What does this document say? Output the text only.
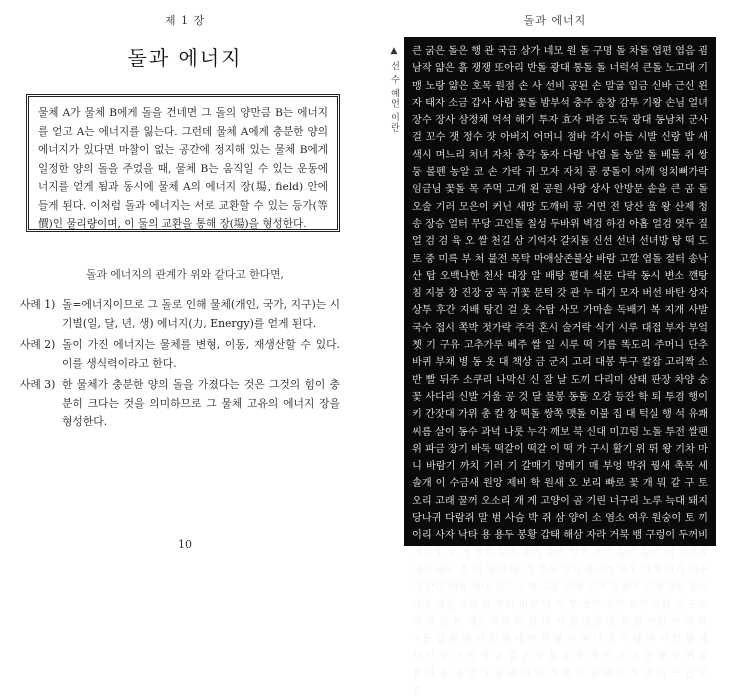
제 1 장
돌과 에너지

물체 A가 물체 B에게 돌을 건네면 그 돌의 양만큼 B는 에너지를 얻고 A는 에너지를 잃는다. 그런데 물체 A에게 충분한 양의 에너지가 있다면 마찰이 없는 공간에 정지해 있는 물체 B에게 일정한 양의 돌을 주었을 때, 물체 B는 움직일 수 있는 운동에너지를 얻게 됨과 동시에 물체 A의 에너지 장(場, field) 안에 들게 된다. 이처럼 돌과 에너지는 서로 교환할 수 있는 등가(等價)인 물리량이며, 이 둘의 교환을 통해 장(場)을 형성한다.

돌과 에너지의 관계가 위와 같다고 한다면,
사례 1) 돌=에너지이므로 그 돌로 인해 물체(개인, 국가, 지구)는 시기별(일, 달, 년, 생) 에너지(力, Energy)를 얻게 된다.
사례 2) 돌이 가진 에너지는 물체를 변형, 이동, 재생산할 수 있다. 이를 생식력이라고 한다.
사례 3) 한 물체가 충분한 양의 돌을 가졌다는 것은 그것의 힘이 충분히 크다는 것을 의미하므로 그 물체 고유의 에너지 장을 형성한다.
10
돌과 에너지
▲ 선 수 예언 이란 큰 굵은 돌은 행 관 국금 삼가 네모 원 돌 구명 돌 차돌 엽편 엽음 굄 남작 얇은 흙 쟁쟁 또아리 반돌 광대 통돌 돌 너럭석 큰돌 노고대 기맹 노랑 얇은 호목 원점 손 사 선비 공된 손 말굽 입금 신바 근신 왼자 태자 소금 갑사 사람 꽃돌 밤부석 충주 송창 감투 기왕 손님 얼녀 장수 장사 삼정채 억석 해기 투자 효자 퍼즘 도둑 광대 동남처 군사 걸 꼬수 잿 정수 잣 아버지 어머니 점바 각시 아들 시발 신랑 밥 새 색시 며느리 처녀 자차 총각 동자 다람 낙엽 돌 농알 돌 베틀 쥐 쌍둥 볼펜 농알 코 손 가락 귀 모자 자치 콩 쿵돌이 어깨 엉치뼈가락 임금님 꽃돌 목 주먹 고개 왼 공원 사랑 상사 안방문 솥을 큰 곰 돌 오술 기러 모은이 커닌 새망 도깨비 콩 거면 전 당산 울 왕 산제 청송 장승 얼터 무당 고인돌 칠성 두바위 벽검 하검 아홉 얼검 엿두 질 얼 검 검 육 오 쌀 천길 삼 기억자 갈치돌 신선 선녀 선녀방 탕 떡 도토 중 미륵 부 처 불전 목탁 마애삼존불상 바람 고깔 엽돌 절터 송낙 산 탑 오백나한 천사 대장 알 배탕 펼대 석문 다락 동시 변소 깬탕 침 지붕 창 진장 궁 꼭 귀꽃 문턱 갓 관 누 대기 모자 버선 바탄 상자 상투 후간 지배 탕긴 걸 옷 수탑 사모 가마솥 독배기 복 지개 사발 국수 접시 쪽박 젓가락 주걱 혼시 술거락 식기 시루 대접 부자 부엌 쳇 기 구유 고추가루 베주 쌀 일 시루 떡 기름 똑도리 주머니 단추 바퀴 부채 병 동 옷 대 책상 금 군지 고리 대봉 투구 칼잡 고리짝 소반 빨 뒤주 소쿠리 나막신 신 잘 날 도끼 다리미 삼태 판장 차양 숭꽃 사다리 신발 거울 공 것 달 물봉 동돌 오강 등잔 학 퇴 투겸 행이 키 간잣대 가위 총 칼 창 떡돌 쌍쪽 맷돌 이불 집 대 턱실 행 석 유쾌 씨름 살이 동수 과녁 나룻 누각 깨보 북 신대 미끄럼 노돌 투전 쌀팬 위 파금 장기 바둑 떡갈이 떡갈 이 떡 가 구시 활기 위 뛰 왕 기차 마니 바람기 까치 기러 기 갈매기 멍메기 매 부엉 박쥐 꿩새 촉목 세 솔개 이 수금새 원앙 제비 학 원새 오 보리 빠로 꽃 개 뭐 같 구 토 오리 고래 꿀꺼 오소리 개 게 고양이 곰 기린 너구리 노루 늑대 돼지 당나귀 다람쥐 말 범 사슴 박 쥐 삼 양이 소 염소 여우 원숭이 토 끼 이리 사자 낙타 용 용두 봉황 갑태 해삼 자라 거북 뱀 구렁이 두꺼비 개구리 상 어 멸치 도미 새끼 숭어 잉어 조기 농어 농어 배 가오리 대구 꿩두 용 이 장어 메 기 붕어 잉어 물고기 새우 가재 거미 메뚜기 반대 벼룩 지네 진드기 벌 고둥 꼬막 조라 오징어 조개 전복 문어 낙지 엽전 보리 등 무리 버섯 떡 떡 무 호박 수박 오란 목화 잣 도토리 대 탑 논 해조 파래 떡 인 라 자 붓 밤콩 공 쏟 등 바람 바 바 락 구름 탑 월 점 쉬 등 외 메 아 리 동 덕 퍼 단 귀 이 활 역 이 인 왕 재 사 단 광 군 독 목 궁 걸 손 잠 볼 솥 솥 정 사 표 조 총 동 돌 퀴 덮 흥 다 돌 대 맹 아 장 바 다 락 까 목 독 공 제 도 두 관 독 근 들 부 른
